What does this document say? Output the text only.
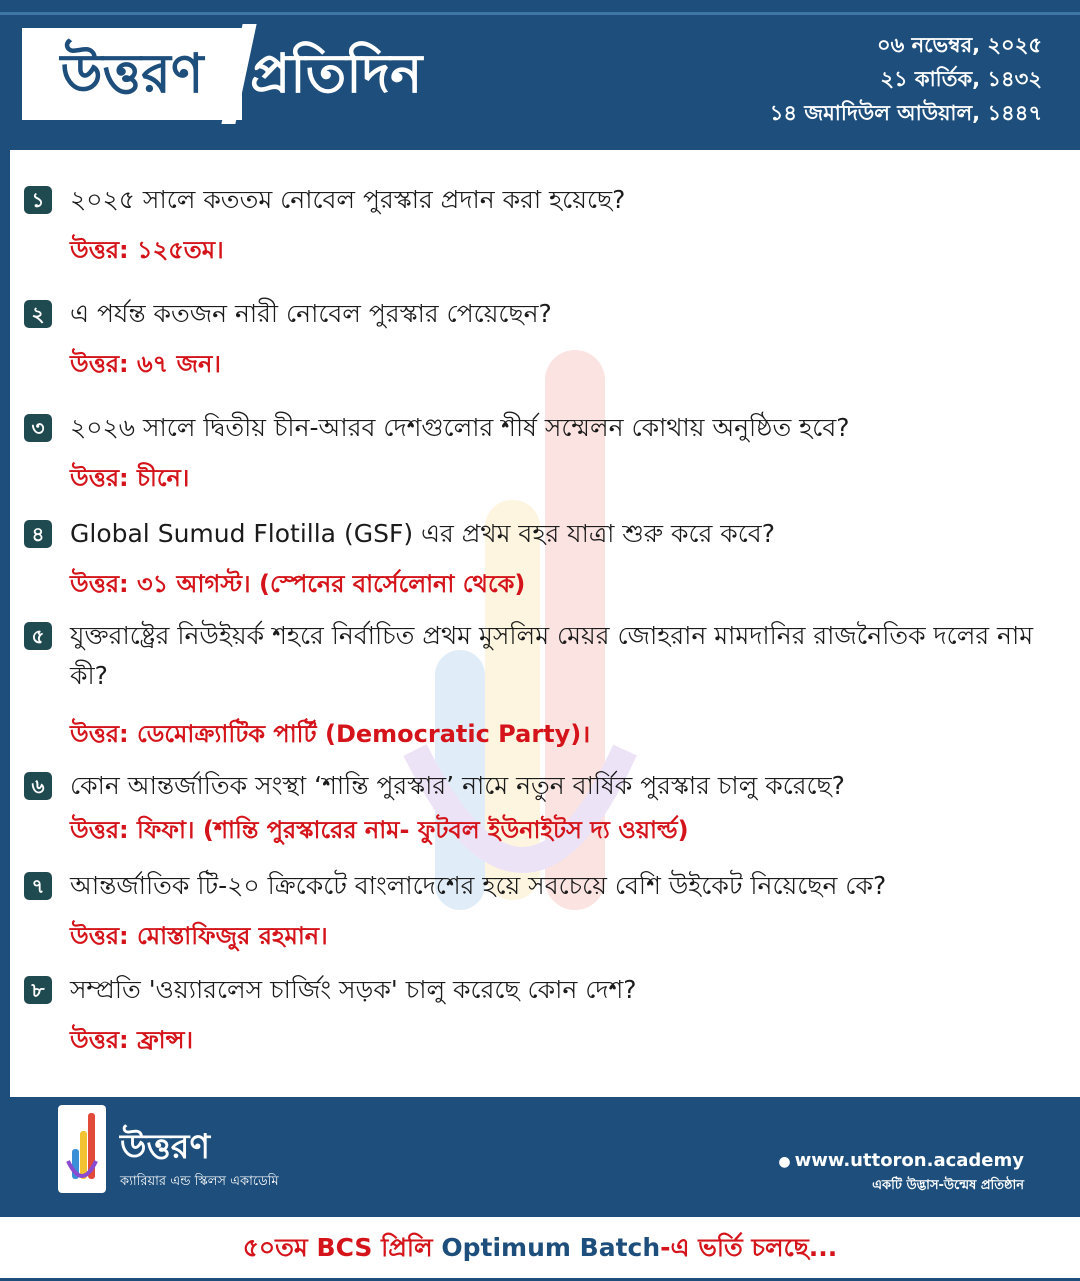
উত্তরণ প্রতিদিন	০৬ নভেম্বর, ২০২৫
২১ কার্তিক, ১৪৩২
১৪ জমাদিউল আউয়াল, ১৪৪৭
১	২০২৫ সালে কততম নোবেল পুরস্কার প্রদান করা হয়েছে?
উত্তর: ১২৫তম।
২	এ পর্যন্ত কতজন নারী নোবেল পুরস্কার পেয়েছেন?
উত্তর: ৬৭ জন।
৩	২০২৬ সালে দ্বিতীয় চীন-আরব দেশগুলোর শীর্ষ সম্মেলন কোথায় অনুষ্ঠিত হবে?
উত্তর: চীনে।
৪	Global Sumud Flotilla (GSF) এর প্রথম বহর যাত্রা শুরু করে কবে?
উত্তর: ৩১ আগস্ট। (স্পেনের বার্সেলোনা থেকে)
৫	যুক্তরাষ্ট্রের নিউইয়র্ক শহরে নির্বাচিত প্রথম মুসলিম মেয়র জোহরান মামদানির রাজনৈতিক দলের নাম কী?
উত্তর: ডেমোক্র্যাটিক পার্টি (Democratic Party)।
৬	কোন আন্তর্জাতিক সংস্থা ‘শান্তি পুরস্কার’ নামে নতুন বার্ষিক পুরস্কার চালু করেছে?
উত্তর: ফিফা। (শান্তি পুরস্কারের নাম- ফুটবল ইউনাইটস দ্য ওয়ার্ল্ড)
৭	আন্তর্জাতিক টি-২০ ক্রিকেটে বাংলাদেশের হয়ে সবচেয়ে বেশি উইকেট নিয়েছেন কে?
উত্তর: মোস্তাফিজুর রহমান।
৮	সম্প্রতি 'ওয়্যারলেস চার্জিং সড়ক' চালু করেছে কোন দেশ?
উত্তর: ফ্রান্স।
উত্তরণ
ক্যারিয়ার এন্ড স্কিলস একাডেমি
● www.uttoron.academy
একটি উদ্ভাস-উন্মেষ প্রতিষ্ঠান
৫০তম BCS প্রিলি Optimum Batch-এ ভর্তি চলছে...
